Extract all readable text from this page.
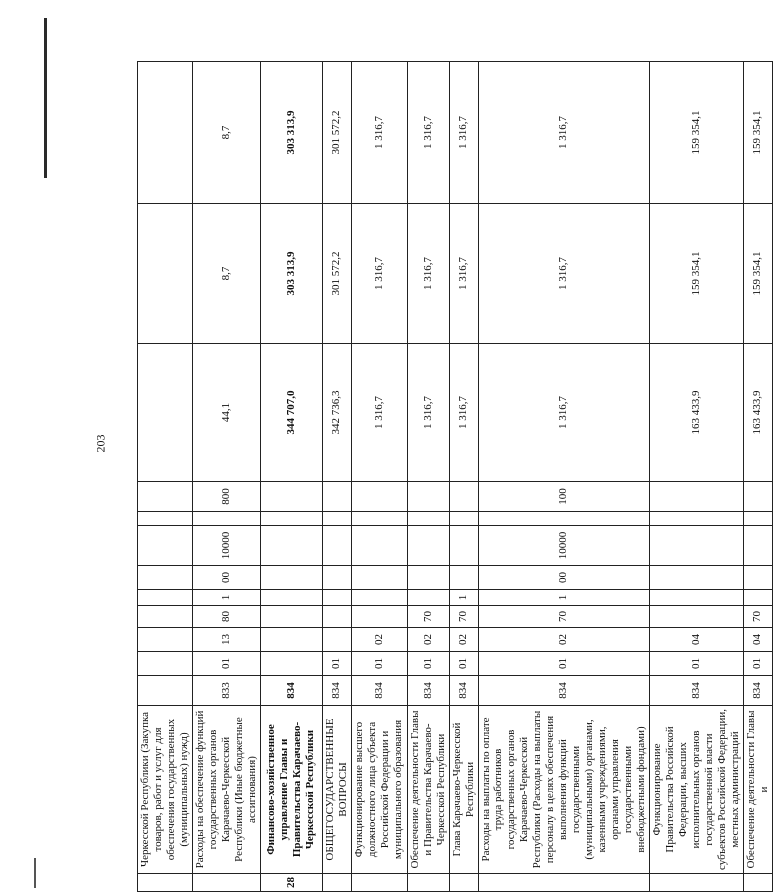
203
	Черкесской Республики (Закупка товаров, работ и услуг для обеспечения государственных (муниципальных) нужд)												
	Расходы на обеспечение функций государственных органов Карачаево-Черкесской Республики (Иные бюджетные ассигнования)	833	01	13	80	1	00	10000		800	44,1	8,7	8,7
28	Финансово-хозяйственное управление Главы и Правительства Карачаево-Черкесской Республики	834									344 707,0	303 313,9	303 313,9
	ОБЩЕГОСУДАРСТВЕННЫЕ ВОПРОСЫ	834	01								342 736,3	301 572,2	301 572,2
	Функционирование высшего должностного лица субъекта Российской Федерации и муниципального образования	834	01	02							1 316,7	1 316,7	1 316,7
	Обеспечение деятельности Главы и Правительства Карачаево-Черкесской Республики	834	01	02	70						1 316,7	1 316,7	1 316,7
	Глава Карачаево-Черкесской Республики	834	01	02	70	1					1 316,7	1 316,7	1 316,7
	Расходы на выплаты по оплате труда работников государственных органов Карачаево-Черкесской Республики (Расходы на выплаты персоналу в целях обеспечения выполнения функций государственными (муниципальными) органами, казенными учреждениями, органами управления государственными внебюджетными фондами)	834	01	02	70	1	00	10000		100	1 316,7	1 316,7	1 316,7
	Функционирование Правительства Российской Федерации, высших исполнительных органов государственной власти субъектов Российской Федерации, местных администраций	834	01	04							163 433,9	159 354,1	159 354,1
	Обеспечение деятельности Главы и	834	01	04	70						163 433,9	159 354,1	159 354,1
